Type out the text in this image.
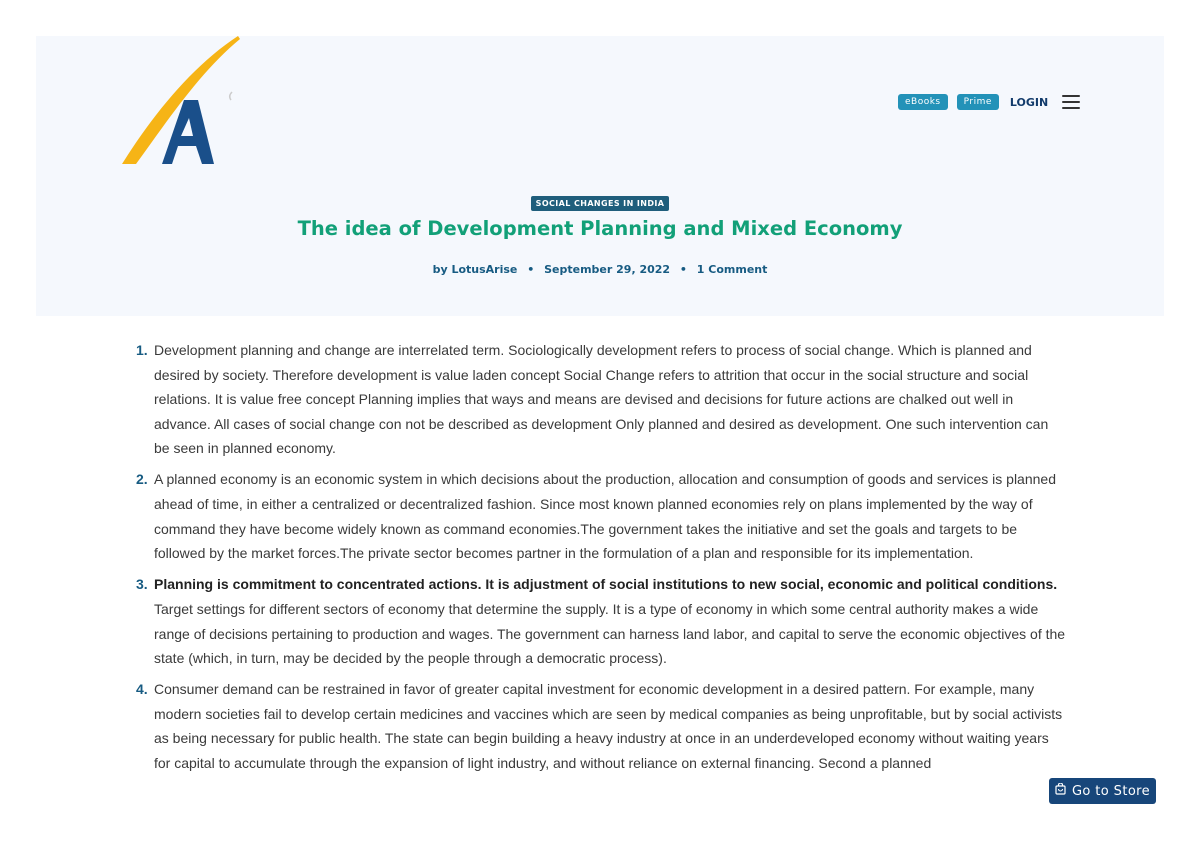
eBooks	Prime	LOGIN
SOCIAL CHANGES IN INDIA
The idea of Development Planning and Mixed Economy
by LotusArise • September 29, 2022 • 1 Comment
1. Development planning and change are interrelated term. Sociologically development refers to process of social change. Which is planned and desired by society. Therefore development is value laden concept Social Change refers to attrition that occur in the social structure and social relations. It is value free concept Planning implies that ways and means are devised and decisions for future actions are chalked out well in advance. All cases of social change con not be described as development Only planned and desired as development. One such intervention can be seen in planned economy.
2. A planned economy is an economic system in which decisions about the production, allocation and consumption of goods and services is planned ahead of time, in either a centralized or decentralized fashion. Since most known planned economies rely on plans implemented by the way of command they have become widely known as command economies.The government takes the initiative and set the goals and targets to be followed by the market forces.The private sector becomes partner in the formulation of a plan and responsible for its implementation.
3. Planning is commitment to concentrated actions. It is adjustment of social institutions to new social, economic and political conditions. Target settings for different sectors of economy that determine the supply. It is a type of economy in which some central authority makes a wide range of decisions pertaining to production and wages. The government can harness land labor, and capital to serve the economic objectives of the state (which, in turn, may be decided by the people through a democratic process).
4. Consumer demand can be restrained in favor of greater capital investment for economic development in a desired pattern. For example, many modern societies fail to develop certain medicines and vaccines which are seen by medical companies as being unprofitable, but by social activists as being necessary for public health. The state can begin building a heavy industry at once in an underdeveloped economy without waiting years for capital to accumulate through the expansion of light industry, and without reliance on external financing. Second a planned
Go to Store
